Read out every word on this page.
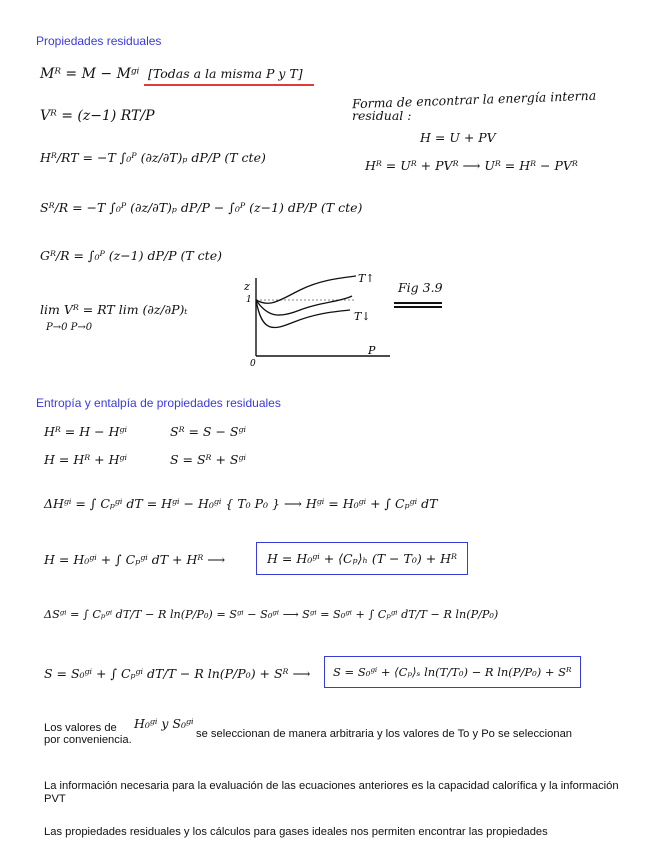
Propiedades residuales
Mᴿ = M − Mᵍⁱ [Todas a la misma P y T]
Vᴿ = (z−1) RT/P
Hᴿ/RT = −T ∫₀ᴾ (∂z/∂T)ₚ dP/P (T cte)
Sᴿ/R = −T ∫₀ᴾ (∂z/∂T)ₚ dP/P − ∫₀ᴾ (z−1) dP/P (T cte)
Gᴿ/R = ∫₀ᴾ (z−1) dP/P (T cte)
lim Vᴿ = RT lim (∂z/∂P)ₜ
P→0 P→0
Forma de encontrar la energía interna
residual :
H = U + PV
Hᴿ = Uᴿ + PVᴿ ⟶ Uᴿ = Hᴿ − PVᴿ
z
1
0
P
T↑
T↓
Fig 3.9
Entropía y entalpía de propiedades residuales
Hᴿ = H − Hᵍⁱ	Sᴿ = S − Sᵍⁱ
H = Hᴿ + Hᵍⁱ	S = Sᴿ + Sᵍⁱ
ΔHᵍⁱ = ∫ Cₚᵍⁱ dT = Hᵍⁱ − H₀ᵍⁱ { T₀ P₀ } ⟶ Hᵍⁱ = H₀ᵍⁱ + ∫ Cₚᵍⁱ dT
H = H₀ᵍⁱ + ∫ Cₚᵍⁱ dT + Hᴿ ⟶	H = H₀ᵍⁱ + ⟨Cₚ⟩ₕ (T − T₀) + Hᴿ
ΔSᵍⁱ = ∫ Cₚᵍⁱ dT/T − R ln(P/P₀) = Sᵍⁱ − S₀ᵍⁱ ⟶ Sᵍⁱ = S₀ᵍⁱ + ∫ Cₚᵍⁱ dT/T − R ln(P/P₀)
S = S₀ᵍⁱ + ∫ Cₚᵍⁱ dT/T − R ln(P/P₀) + Sᴿ ⟶	S = S₀ᵍⁱ + ⟨Cₚ⟩ₛ ln(T/T₀) − R ln(P/P₀) + Sᴿ
Los valores de H₀ᵍⁱ y S₀ᵍⁱ
se seleccionan de manera arbitraria y los valores de To y Po se seleccionan
por conveniencia.
La información necesaria para la evaluación de las ecuaciones anteriores es la capacidad calorífica y la información PVT
Las propiedades residuales y los cálculos para gases ideales nos permiten encontrar las propiedades
